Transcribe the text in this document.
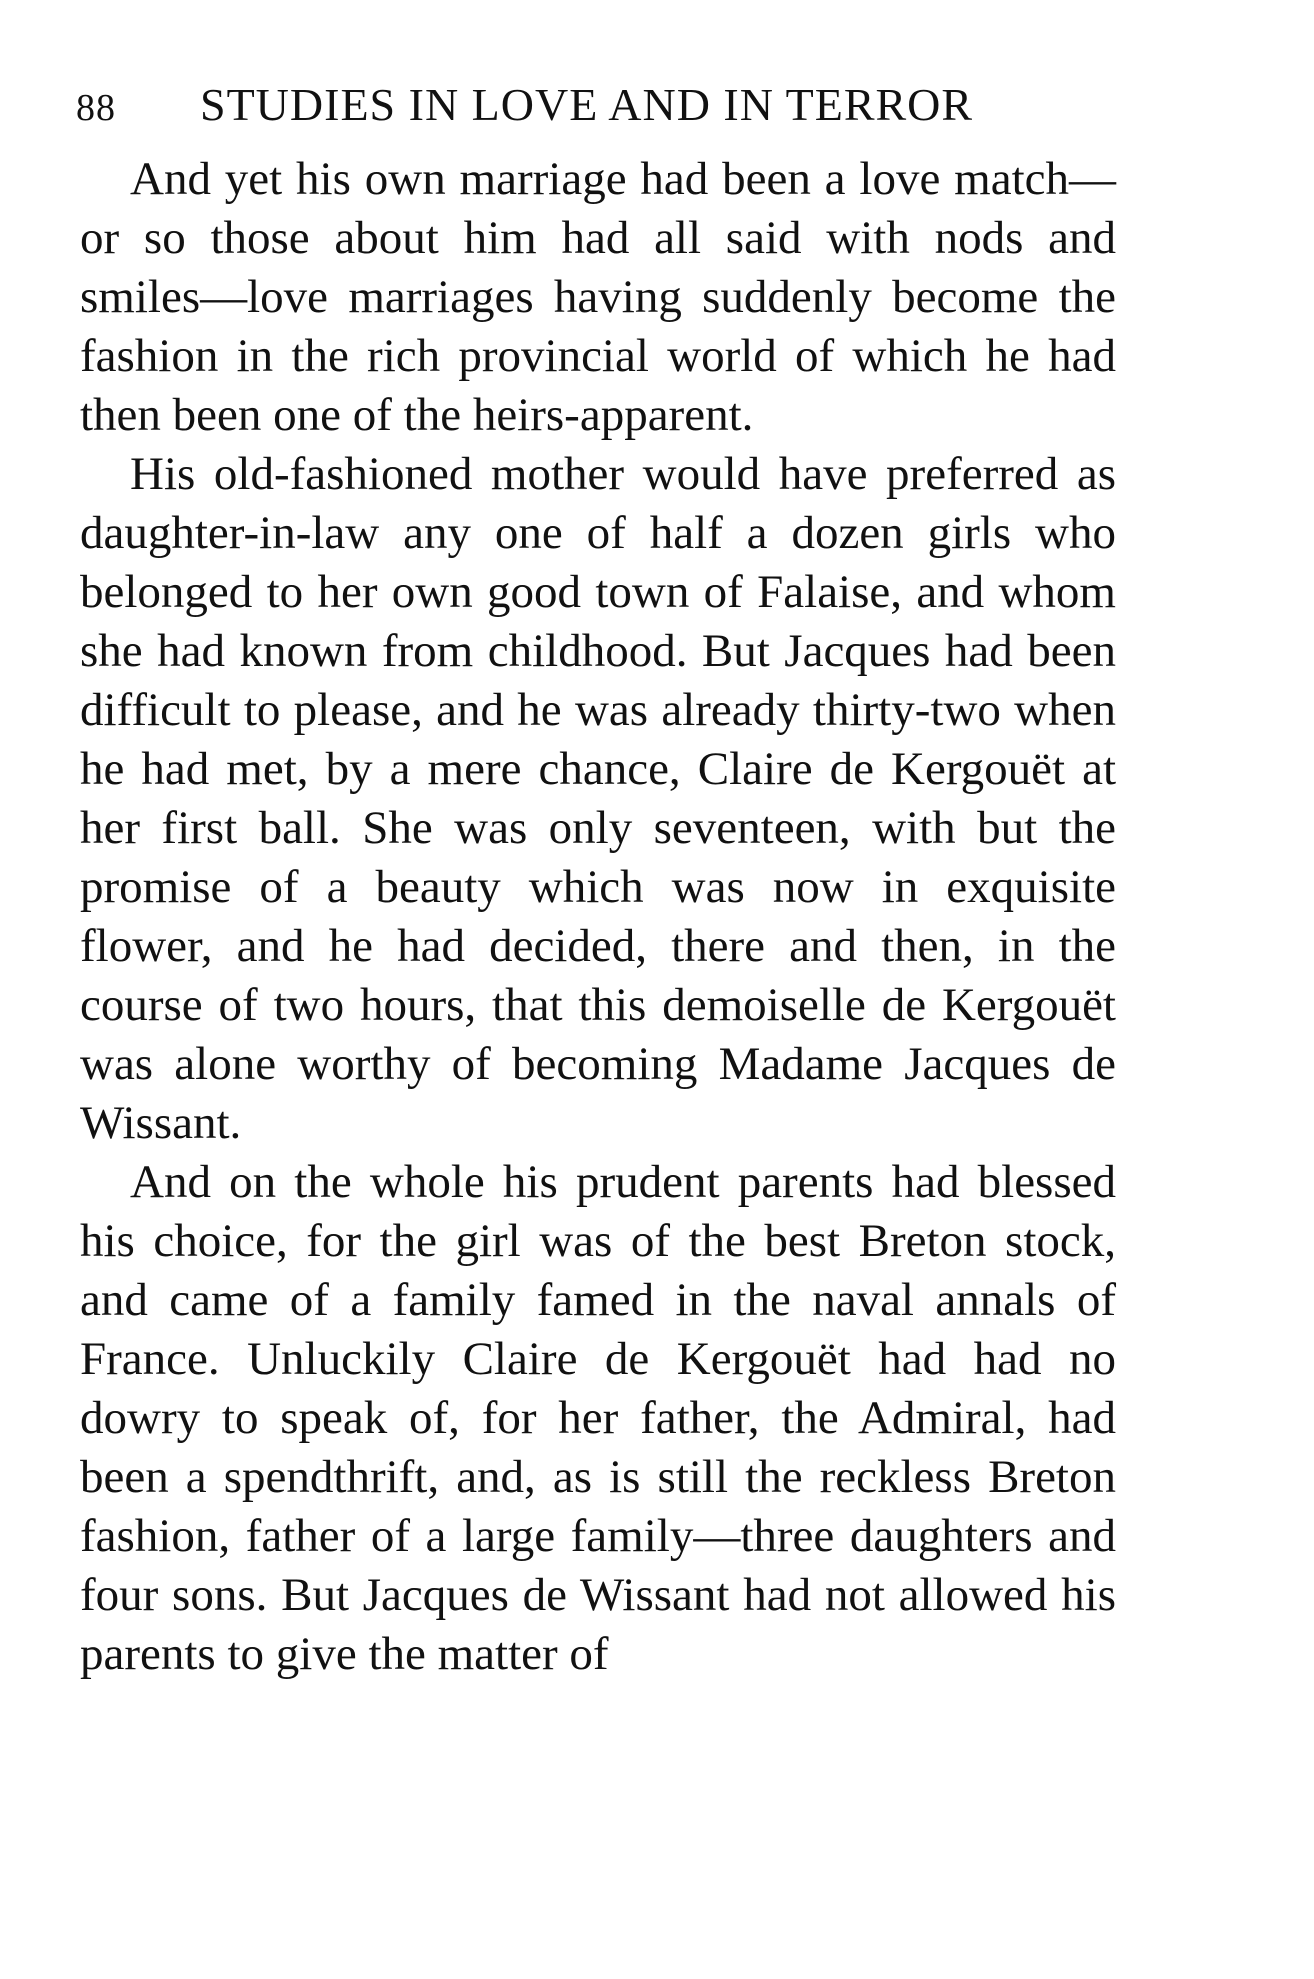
88 STUDIES IN LOVE AND IN TERROR

And yet his own marriage had been a love match—or so those about him had all said with nods and smiles—love marriages having suddenly become the fashion in the rich provincial world of which he had then been one of the heirs-apparent.

His old-fashioned mother would have preferred as daughter-in-law any one of half a dozen girls who belonged to her own good town of Falaise, and whom she had known from childhood. But Jacques had been difficult to please, and he was already thirty-two when he had met, by a mere chance, Claire de Kergouët at her first ball. She was only seventeen, with but the promise of a beauty which was now in exquisite flower, and he had decided, there and then, in the course of two hours, that this demoiselle de Kergouët was alone worthy of becoming Madame Jacques de Wissant.

And on the whole his prudent parents had blessed his choice, for the girl was of the best Breton stock, and came of a family famed in the naval annals of France. Unluckily Claire de Kergouët had had no dowry to speak of, for her father, the Admiral, had been a spendthrift, and, as is still the reckless Breton fashion, father of a large family—three daughters and four sons. But Jacques de Wissant had not allowed his parents to give the matter of
